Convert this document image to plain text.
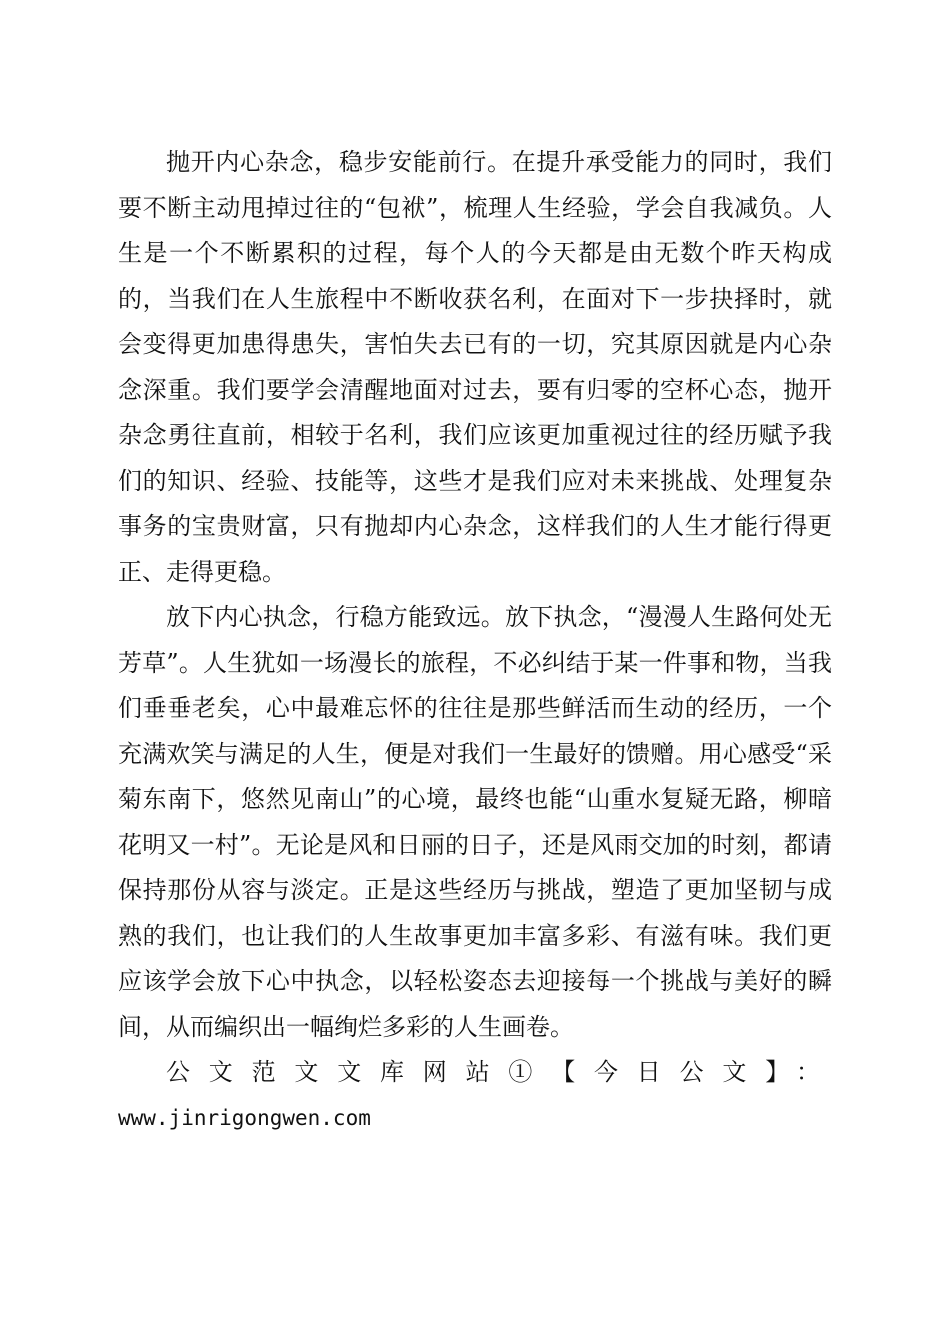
抛开内心杂念，稳步安能前行。在提升承受能力的同时，我们要不断主动甩掉过往的“包袱”，梳理人生经验，学会自我减负。人生是一个不断累积的过程，每个人的今天都是由无数个昨天构成的，当我们在人生旅程中不断收获名利，在面对下一步抉择时，就会变得更加患得患失，害怕失去已有的一切，究其原因就是内心杂念深重。我们要学会清醒地面对过去，要有归零的空杯心态，抛开杂念勇往直前，相较于名利，我们应该更加重视过往的经历赋予我们的知识、经验、技能等，这些才是我们应对未来挑战、处理复杂事务的宝贵财富，只有抛却内心杂念，这样我们的人生才能行得更正、走得更稳。

放下内心执念，行稳方能致远。放下执念，“漫漫人生路何处无芳草”。人生犹如一场漫长的旅程，不必纠结于某一件事和物，当我们垂垂老矣，心中最难忘怀的往往是那些鲜活而生动的经历，一个充满欢笑与满足的人生，便是对我们一生最好的馈赠。用心感受“采菊东南下，悠然见南山”的心境，最终也能“山重水复疑无路，柳暗花明又一村”。无论是风和日丽的日子，还是风雨交加的时刻，都请保持那份从容与淡定。正是这些经历与挑战，塑造了更加坚韧与成熟的我们，也让我们的人生故事更加丰富多彩、有滋有味。我们更应该学会放下心中执念，以轻松姿态去迎接每一个挑战与美好的瞬间，从而编织出一幅绚烂多彩的人生画卷。

公文范文文库网站①【今日公文】：

www.jinrigongwen.com
